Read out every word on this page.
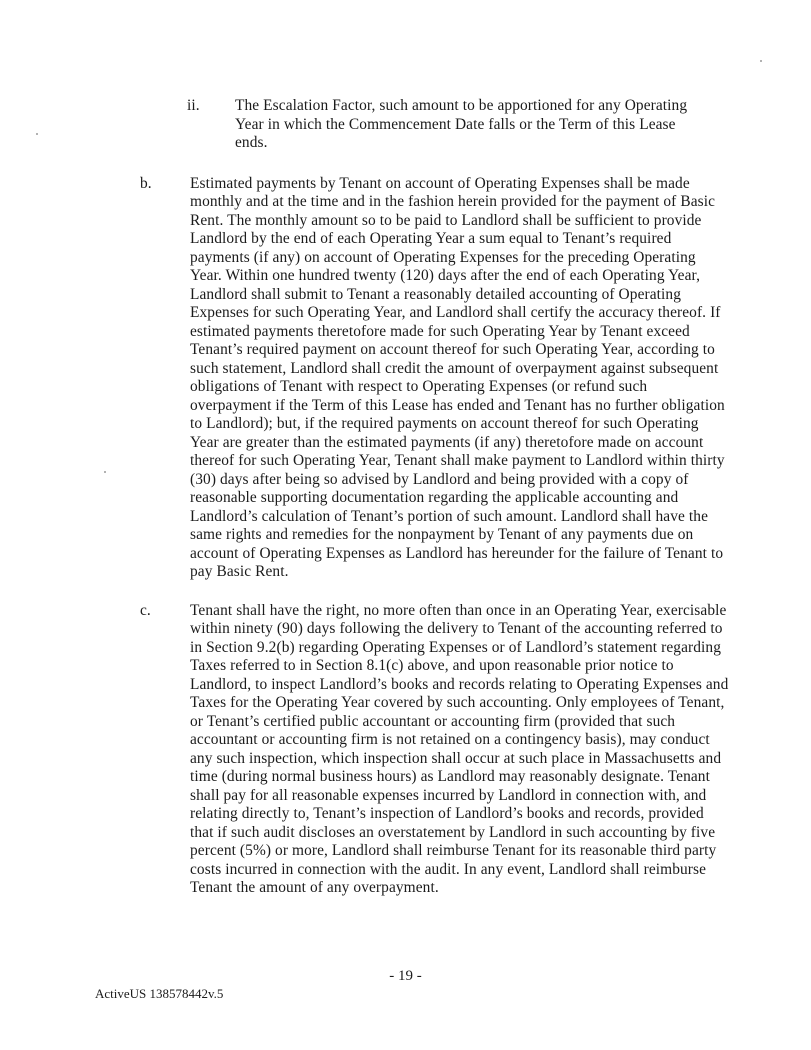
ii.	The Escalation Factor, such amount to be apportioned for any Operating Year in which the Commencement Date falls or the Term of this Lease ends.
b.	Estimated payments by Tenant on account of Operating Expenses shall be made monthly and at the time and in the fashion herein provided for the payment of Basic Rent. The monthly amount so to be paid to Landlord shall be sufficient to provide Landlord by the end of each Operating Year a sum equal to Tenant’s required payments (if any) on account of Operating Expenses for the preceding Operating Year. Within one hundred twenty (120) days after the end of each Operating Year, Landlord shall submit to Tenant a reasonably detailed accounting of Operating Expenses for such Operating Year, and Landlord shall certify the accuracy thereof. If estimated payments theretofore made for such Operating Year by Tenant exceed Tenant’s required payment on account thereof for such Operating Year, according to such statement, Landlord shall credit the amount of overpayment against subsequent obligations of Tenant with respect to Operating Expenses (or refund such overpayment if the Term of this Lease has ended and Tenant has no further obligation to Landlord); but, if the required payments on account thereof for such Operating Year are greater than the estimated payments (if any) theretofore made on account thereof for such Operating Year, Tenant shall make payment to Landlord within thirty (30) days after being so advised by Landlord and being provided with a copy of reasonable supporting documentation regarding the applicable accounting and Landlord’s calculation of Tenant’s portion of such amount. Landlord shall have the same rights and remedies for the nonpayment by Tenant of any payments due on account of Operating Expenses as Landlord has hereunder for the failure of Tenant to pay Basic Rent.
c.	Tenant shall have the right, no more often than once in an Operating Year, exercisable within ninety (90) days following the delivery to Tenant of the accounting referred to in Section 9.2(b) regarding Operating Expenses or of Landlord’s statement regarding Taxes referred to in Section 8.1(c) above, and upon reasonable prior notice to Landlord, to inspect Landlord’s books and records relating to Operating Expenses and Taxes for the Operating Year covered by such accounting. Only employees of Tenant, or Tenant’s certified public accountant or accounting firm (provided that such accountant or accounting firm is not retained on a contingency basis), may conduct any such inspection, which inspection shall occur at such place in Massachusetts and time (during normal business hours) as Landlord may reasonably designate. Tenant shall pay for all reasonable expenses incurred by Landlord in connection with, and relating directly to, Tenant’s inspection of Landlord’s books and records, provided that if such audit discloses an overstatement by Landlord in such accounting by five percent (5%) or more, Landlord shall reimburse Tenant for its reasonable third party costs incurred in connection with the audit. In any event, Landlord shall reimburse Tenant the amount of any overpayment.
- 19 -
ActiveUS 138578442v.5
